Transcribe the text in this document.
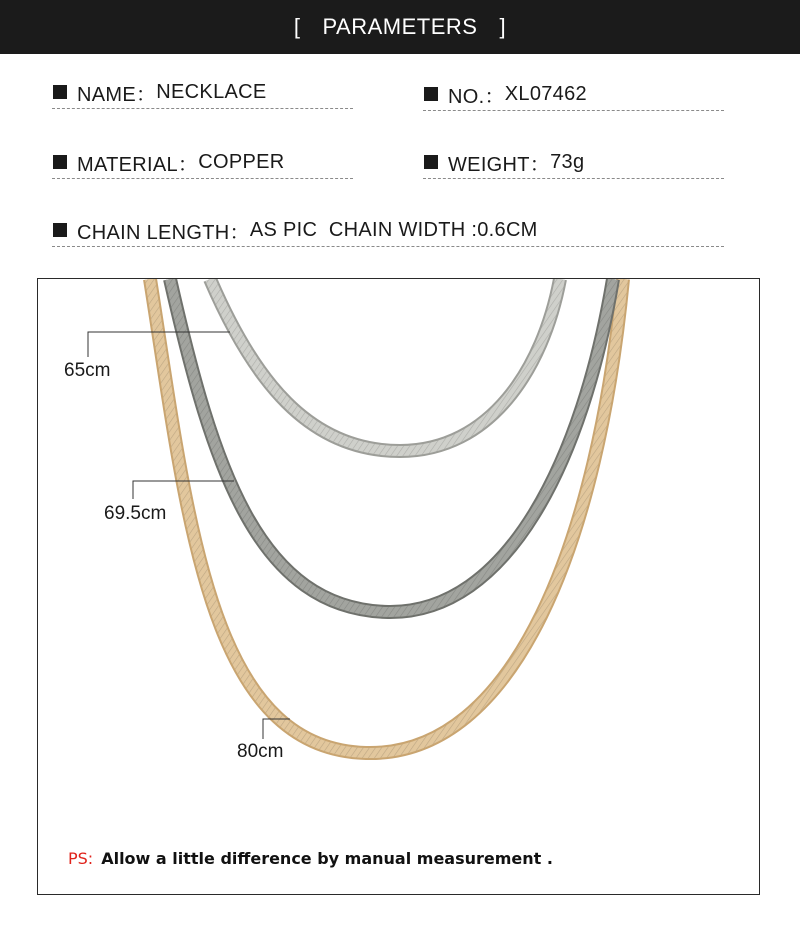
[ PARAMETERS ]
NAME： NECKLACE	NO.： XL07462
MATERIAL： COPPER	WEIGHT： 73g
CHAIN LENGTH： AS PIC  CHAIN WIDTH :0.6CM
65cm
69.5cm
80cm
PS: Allow a little difference by manual measurement .
